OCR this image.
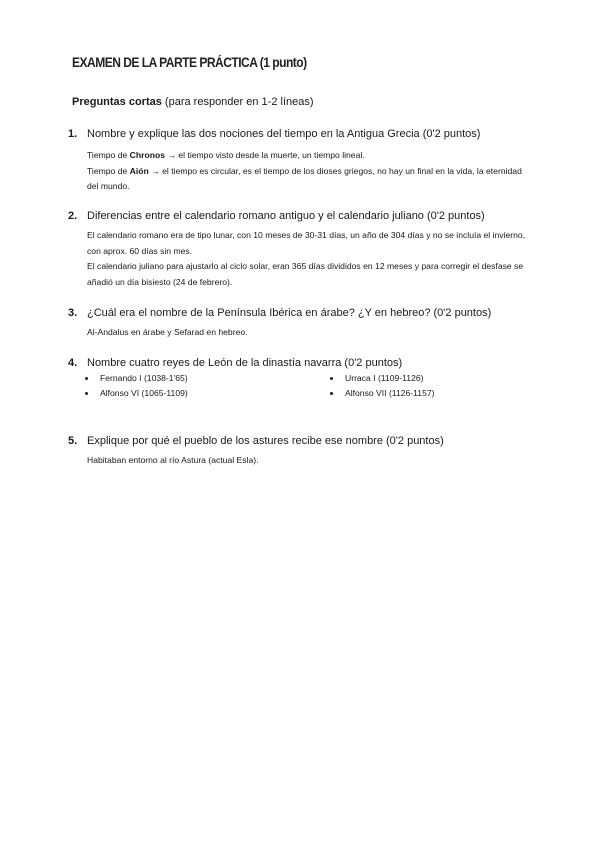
EXAMEN DE LA PARTE PRÁCTICA (1 punto)
Preguntas cortas (para responder en 1-2 líneas)
1. Nombre y explique las dos nociones del tiempo en la Antigua Grecia (0'2 puntos)
Tiempo de Chronos → el tiempo visto desde la muerte, un tiempo lineal.
Tiempo de Aión → el tiempo es circular, es el tiempo de los dioses griegos, no hay un final en la vida, la eternidad del mundo.
2. Diferencias entre el calendario romano antiguo y el calendario juliano (0'2 puntos)
El calendario romano era de tipo lunar, con 10 meses de 30-31 días, un año de 304 días y no se incluía el invierno, con aprox. 60 días sin mes.
El calendario juliano para ajustarlo al ciclo solar, eran 365 días divididos en 12 meses y para corregir el desfase se añadió un día bisiesto (24 de febrero).
3. ¿Cuál era el nombre de la Península Ibérica en árabe? ¿Y en hebreo? (0'2 puntos)
Al-Andalus en árabe y Sefarad en hebreo.
4. Nombre cuatro reyes de León de la dinastía navarra (0'2 puntos)
Fernando I (1038-1'65)	Urraca I (1109-1126)
Alfonso VI (1065-1109)	Alfonso VII (1126-1157)
5. Explique por qué el pueblo de los astures recibe ese nombre (0'2 puntos)
Habitaban entorno al río Astura (actual Esla).
